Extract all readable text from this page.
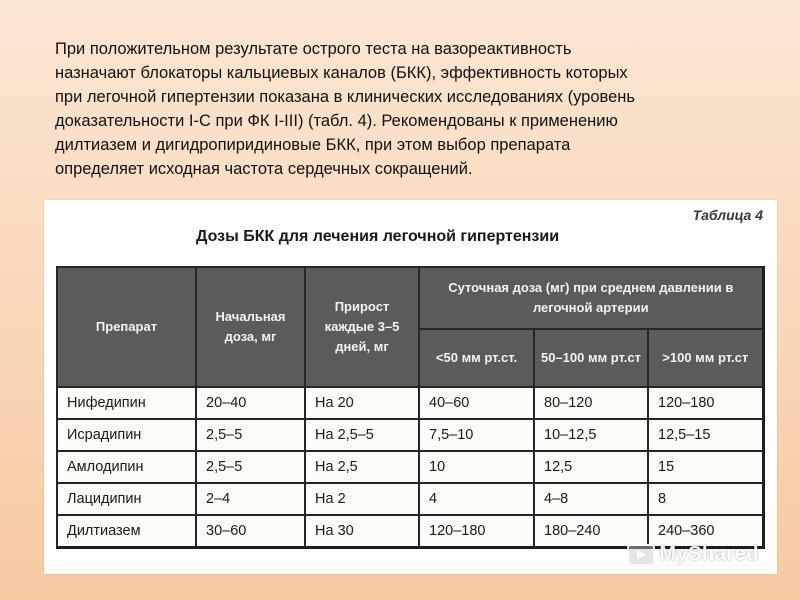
При положительном результате острого теста на вазореактивность
назначают блокаторы кальциевых каналов (БКК), эффективность которых
при легочной гипертензии показана в клинических исследованиях (уровень
доказательности I-С при ФК I-III) (табл. 4). Рекомендованы к применению
дилтиазем и дигидропиридиновые БКК, при этом выбор препарата
определяет исходная частота сердечных сокращений.
Таблица 4
Дозы БКК для лечения легочной гипертензии
Препарат	Начальная доза, мг	Прирост каждые 3–5 дней, мг	Суточная доза (мг) при среднем давлении в легочной артерии		
			<50 мм рт.ст.	50–100 мм рт.ст	>100 мм рт.ст
Нифедипин	20–40	На 20	40–60	80–120	120–180
Исрадипин	2,5–5	На 2,5–5	7,5–10	10–12,5	12,5–15
Амлодипин	2,5–5	На 2,5	10	12,5	15
Лацидипин	2–4	На 2	4	4–8	8
Дилтиазем	30–60	На 30	120–180	180–240	240–360
MyShared
